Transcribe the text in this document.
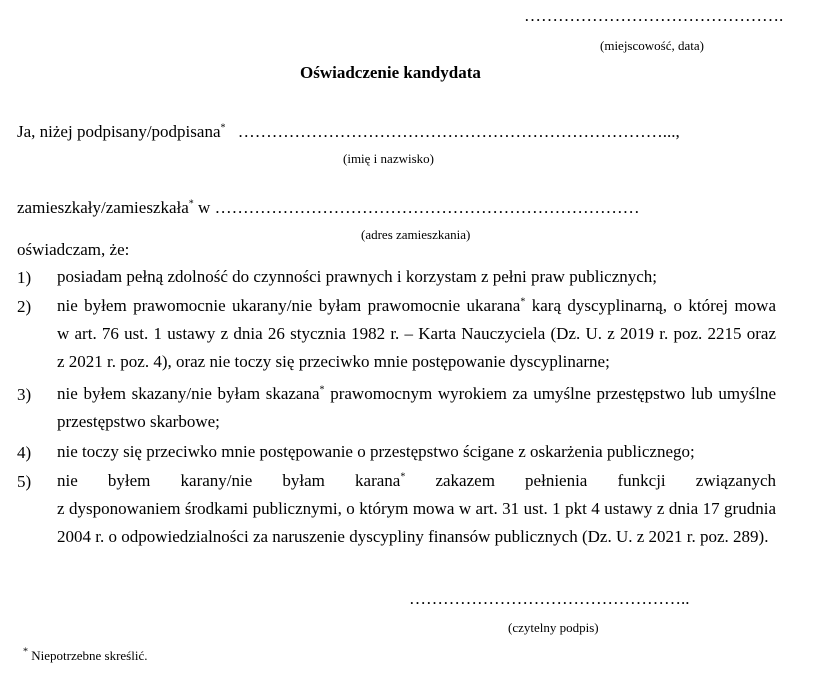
……………………………………….
(miejscowość, data)
Oświadczenie kandydata
Ja, niżej podpisany/podpisana* …………………………………………………………………...,
(imię i nazwisko)
zamieszkały/zamieszkała* w …………………………………………………………………
(adres zamieszkania)
oświadczam, że:
1) posiadam pełną zdolność do czynności prawnych i korzystam z pełni praw publicznych;
2) nie byłem prawomocnie ukarany/nie byłam prawomocnie ukarana* karą dyscyplinarną, o której mowa
w art. 76 ust. 1 ustawy z dnia 26 stycznia 1982 r. – Karta Nauczyciela (Dz. U. z 2019 r. poz. 2215 oraz
z 2021 r. poz. 4), oraz nie toczy się przeciwko mnie postępowanie dyscyplinarne;
3) nie byłem skazany/nie byłam skazana* prawomocnym wyrokiem za umyślne przestępstwo lub umyślne
przestępstwo skarbowe;
4) nie toczy się przeciwko mnie postępowanie o przestępstwo ścigane z oskarżenia publicznego;
5) nie byłem karany/nie byłam karana* zakazem pełnienia funkcji związanych
z dysponowaniem środkami publicznymi, o którym mowa w art. 31 ust. 1 pkt 4 ustawy z dnia 17 grudnia
2004 r. o odpowiedzialności za naruszenie dyscypliny finansów publicznych (Dz. U. z 2021 r. poz. 289).
…………………………………………..
(czytelny podpis)
* Niepotrzebne skreślić.
